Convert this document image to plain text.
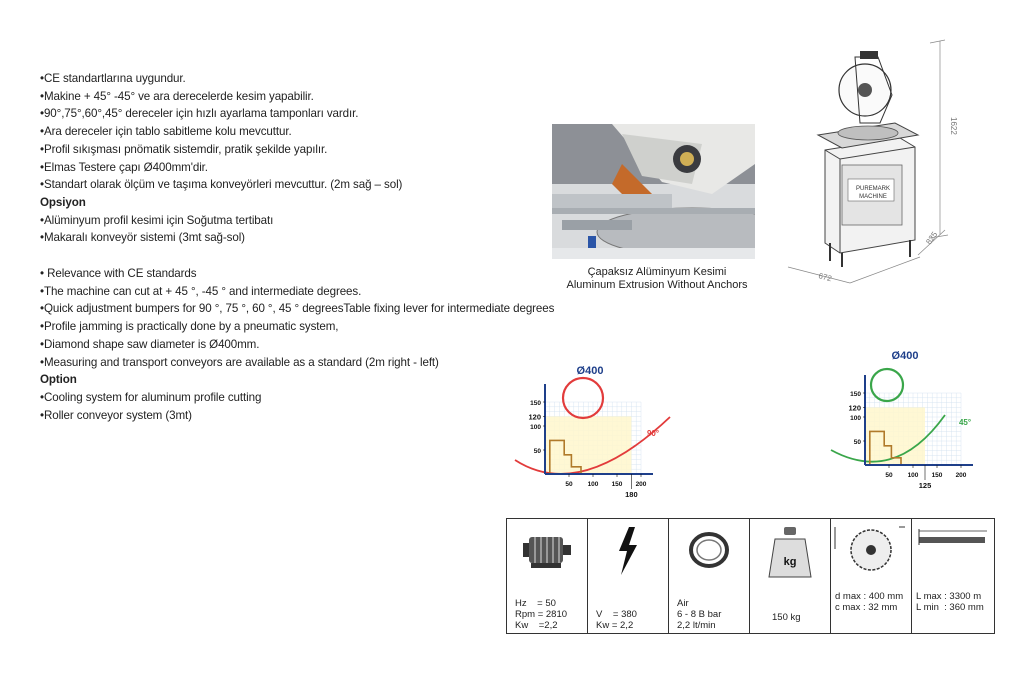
•CE standartlarına uygundur.
•Makine + 45° -45° ve ara derecelerde kesim yapabilir.
•90°,75°,60°,45° dereceler için hızlı ayarlama tamponları vardır.
•Ara dereceler için tablo sabitleme kolu mevcuttur.
•Profil sıkışması pnömatik sistemdir, pratik şekilde yapılır.
•Elmas Testere çapı Ø400mm'dir.
•Standart olarak ölçüm ve taşıma konveyörleri mevcuttur. (2m sağ – sol)
Opsiyon
•Alüminyum profil kesimi için Soğutma tertibatı
•Makaralı konveyör sistemi (3mt sağ-sol)
• Relevance with CE standards
•The machine can cut at + 45 °, -45 ° and intermediate degrees.
•Quick adjustment bumpers for 90 °, 75 °, 60 °, 45 ° degreesTable fixing lever for intermediate degrees
•Profile jamming is practically done by a pneumatic system,
•Diamond shape saw diameter is Ø400mm.
•Measuring and transport conveyors are available as a standard (2m right - left)
Option
•Cooling system for aluminum profile cutting
•Roller conveyor system (3mt)
Çapaksız Alüminyum Kesimi
Aluminum Extrusion Without Anchors
PUREMARK
MACHINE
1622
825
672
50
100
120
150
50 100 150 200
180
Ø400
90°
50
100
120
150
50 100 150 200
125
Ø400
45°
Hz    = 50
Rpm = 2810
Kw    =2,2

V    = 380
Kw = 2,2

Air
6 - 8 B bar
2,2 lt/min

kg
150 kg

d max : 400 mm
c max : 32 mm

L max : 3300 m
L min  : 360 mm
